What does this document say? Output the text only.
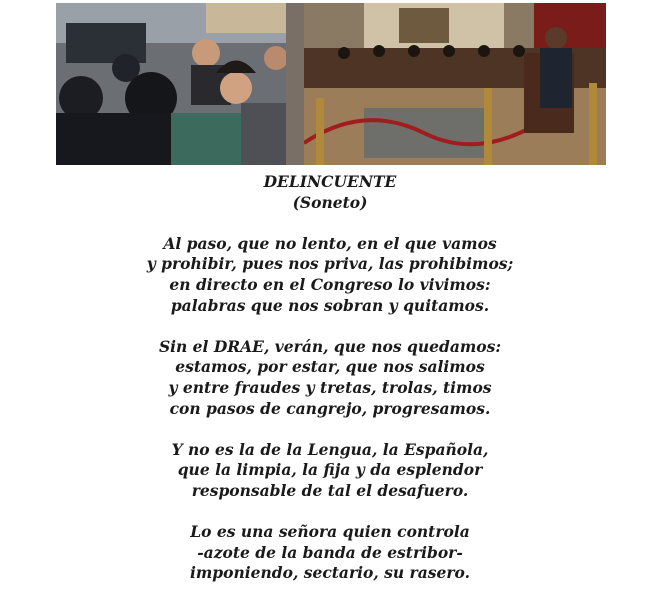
DELINCUENTE
(Soneto)
Al paso, que no lento, en el que vamos
y prohibir, pues nos priva, las prohibimos;
en directo en el Congreso lo vivimos:
palabras que nos sobran y quitamos.
Sin el DRAE, verán, que nos quedamos:
estamos, por estar, que nos salimos
y entre fraudes y tretas, trolas, timos
con pasos de cangrejo, progresamos.
Y no es la de la Lengua, la Española,
que la limpia, la fija y da esplendor
responsable de tal el desafuero.
Lo es una señora quien controla
-azote de la banda de estribor-
imponiendo, sectario, su rasero.
